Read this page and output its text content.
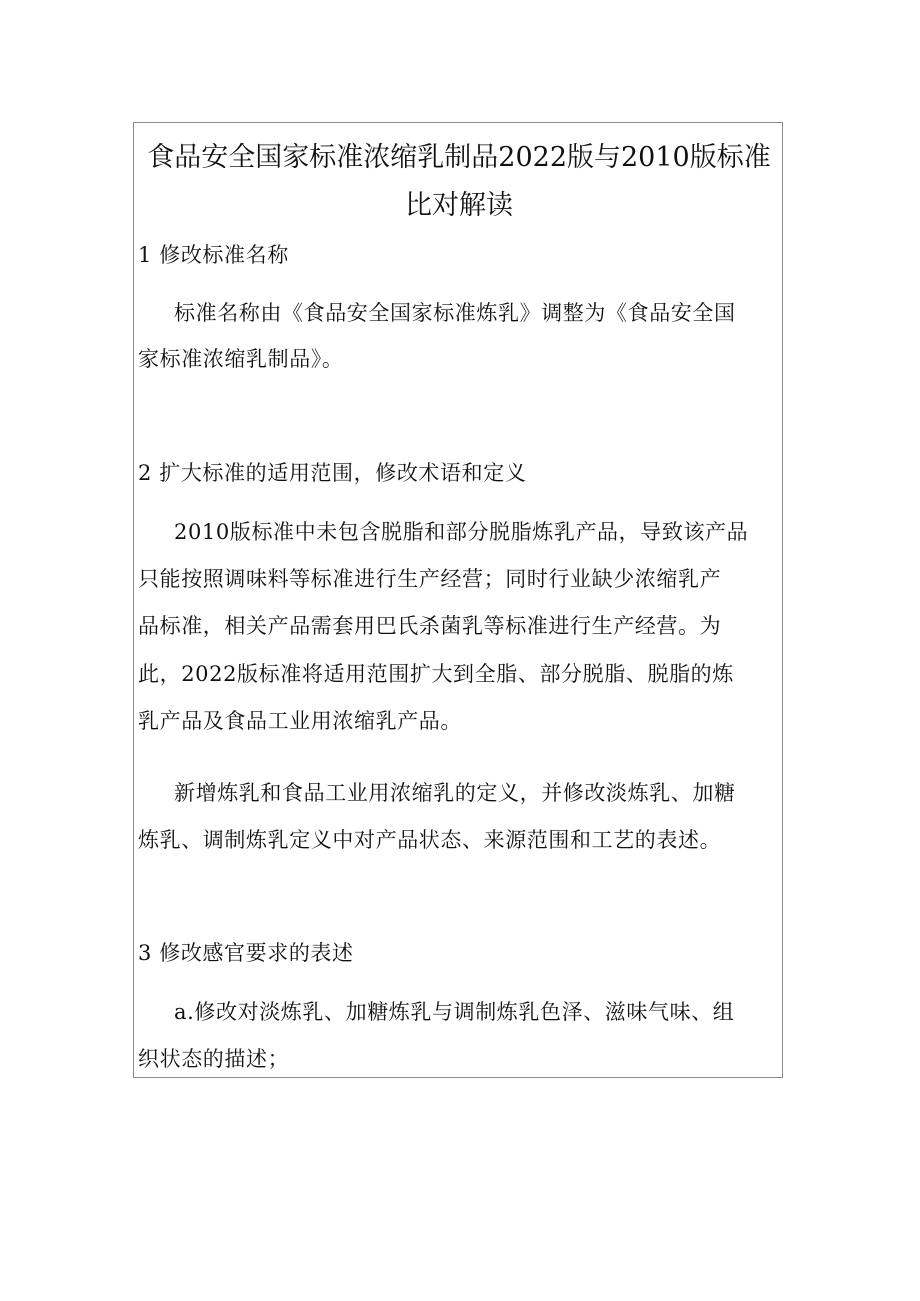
食品安全国家标准浓缩乳制品2022版与2010版标准
比对解读
1 修改标准名称
标准名称由《食品安全国家标准炼乳》调整为《食品安全国
家标准浓缩乳制品》。
2 扩大标准的适用范围，修改术语和定义
2010版标准中未包含脱脂和部分脱脂炼乳产品，导致该产品
只能按照调味料等标准进行生产经营；同时行业缺少浓缩乳产
品标准，相关产品需套用巴氏杀菌乳等标准进行生产经营。为
此，2022版标准将适用范围扩大到全脂、部分脱脂、脱脂的炼
乳产品及食品工业用浓缩乳产品。
新增炼乳和食品工业用浓缩乳的定义，并修改淡炼乳、加糖
炼乳、调制炼乳定义中对产品状态、来源范围和工艺的表述。
3 修改感官要求的表述
a.修改对淡炼乳、加糖炼乳与调制炼乳色泽、滋味气味、组
织状态的描述；
